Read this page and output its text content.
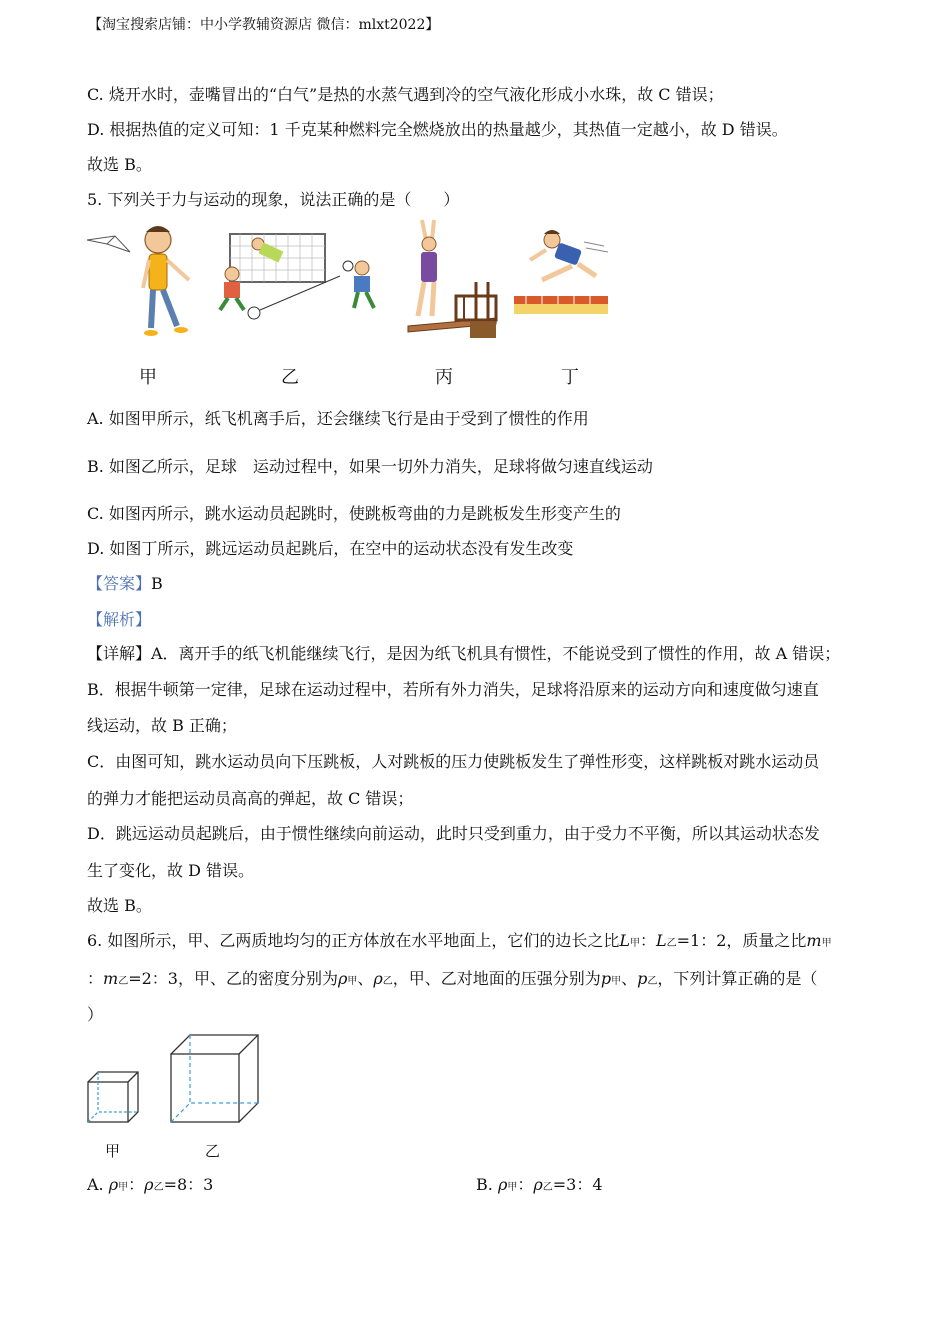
【淘宝搜索店铺：中小学教辅资源店 微信：mlxt2022】
C. 烧开水时，壶嘴冒出的“白气”是热的水蒸气遇到冷的空气液化形成小水珠，故 C 错误；
D. 根据热值的定义可知：1 千克某种燃料完全燃烧放出的热量越少，其热值一定越小，故 D 错误。
故选 B。
5. 下列关于力与运动的现象，说法正确的是（　　）
甲	乙	丙	丁
A. 如图甲所示，纸飞机离手后，还会继续飞行是由于受到了惯性的作用
B. 如图乙所示，足球　运动过程中，如果一切外力消失，足球将做匀速直线运动
C. 如图丙所示，跳水运动员起跳时，使跳板弯曲的力是跳板发生形变产生的
D. 如图丁所示，跳远运动员起跳后，在空中的运动状态没有发生改变
【答案】B
【解析】
【详解】A．离开手的纸飞机能继续飞行，是因为纸飞机具有惯性，不能说受到了惯性的作用，故 A 错误；
B．根据牛顿第一定律，足球在运动过程中，若所有外力消失，足球将沿原来的运动方向和速度做匀速直
线运动，故 B 正确；
C．由图可知，跳水运动员向下压跳板，人对跳板的压力使跳板发生了弹性形变，这样跳板对跳水运动员
的弹力才能把运动员高高的弹起，故 C 错误；
D．跳远运动员起跳后，由于惯性继续向前运动，此时只受到重力，由于受力不平衡，所以其运动状态发
生了变化，故 D 错误。
故选 B。
6. 如图所示，甲、乙两质地均匀的正方体放在水平地面上，它们的边长之比L甲：L乙=1：2，质量之比m甲
：m乙=2：3，甲、乙的密度分别为ρ甲、ρ乙，甲、乙对地面的压强分别为p甲、p乙，下列计算正确的是（
）
甲	乙
A. ρ甲：ρ乙=8：3	B. ρ甲：ρ乙=3：4
